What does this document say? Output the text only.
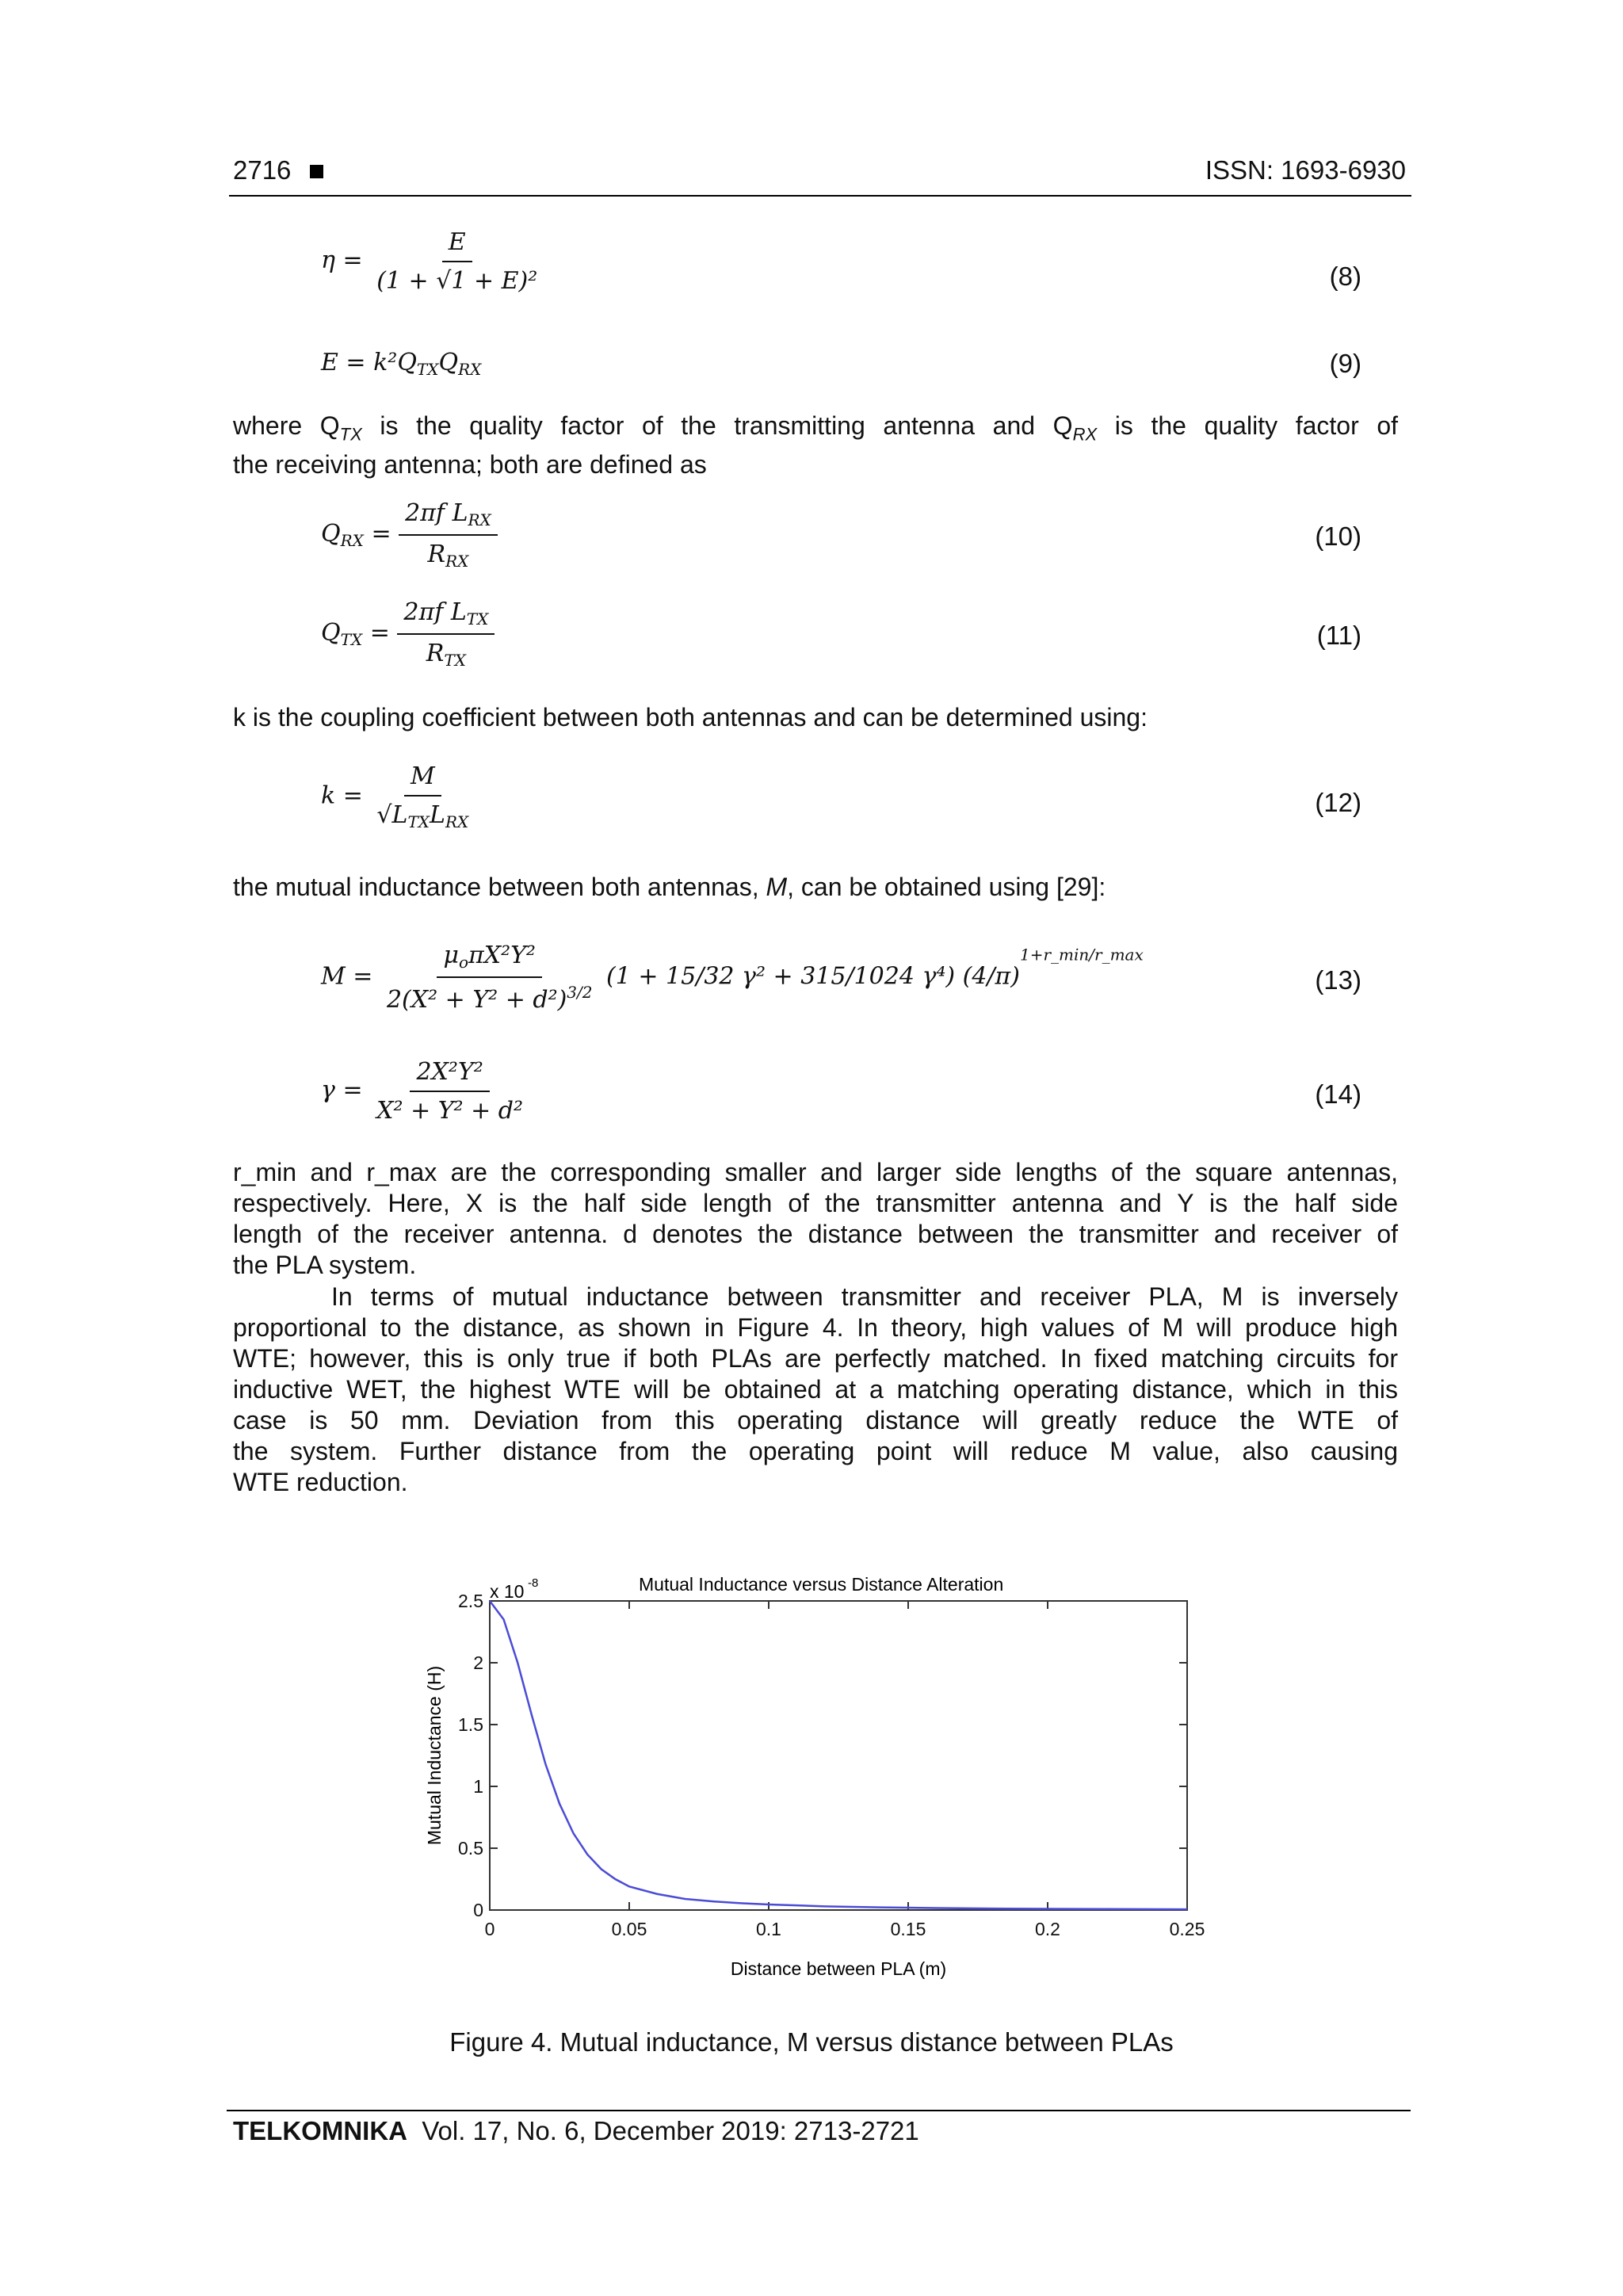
2716	ISSN: 1693-6930
$\eta = \frac{E}{\text{(1 + √1 + E)²}}$	(8)
$E = k^2Q_{TX}Q_{RX}$	(9)
where $Q_{TX}$ is the quality factor of the transmitting antenna and $Q_{RX}$ is the quality factor of
the receiving antenna; both are defined as
$Q_{RX} = \frac{2\pi f L_{RX}}{R_{RX}}$	(10)
$Q_{TX} = \frac{2\pi f L_{TX}}{R_{TX}}$	(11)
k is the coupling coefficient between both antennas and can be determined using:
$k = \frac{M}{√L_{TX}L_{RX}}$	(12)
the mutual inductance between both antennas, M, can be obtained using [29]:
$M = \frac{\mu_o\pi X^2Y^2}{2(X^2 + Y^2 + d^2)^{3/2}} (1 + 15/32$ γ² + 315/1024 γ⁴) $(4/\pi)^{1+r\_min/r\_max}$
(13)
$\gamma = \frac{\text{2X²Y²}}{\text{X² + Y² + d²}}$	(14)
r_min and r_max are the corresponding smaller and larger side lengths of the square antennas,
respectively. Here, X is the half side length of the transmitter antenna and Y is the half side
length of the receiver antenna. d denotes the distance between the transmitter and receiver of
the PLA system.
In terms of mutual inductance between transmitter and receiver PLA, M is inversely
proportional to the distance, as shown in Figure 4. In theory, high values of M will produce high
WTE; however, this is only true if both PLAs are perfectly matched. In fixed matching circuits for
inductive WET, the highest WTE will be obtained at a matching operating distance, which in this
case is 50 mm. Deviation from this operating distance will greatly reduce the WTE of
the system. Further distance from the operating point will reduce M value, also causing
WTE reduction.
0	0.05	0.1	0.15	0.2	0.25
0
0.5
1
1.5
2
2.5
Mutual Inductance versus Distance Alteration
x 10 -8
Distance between PLA (m)
Mutual Inductance (H)
Figure 4. Mutual inductance, M versus distance between PLAs
TELKOMNIKA Vol. 17, No. 6, December 2019: 2713-2721
